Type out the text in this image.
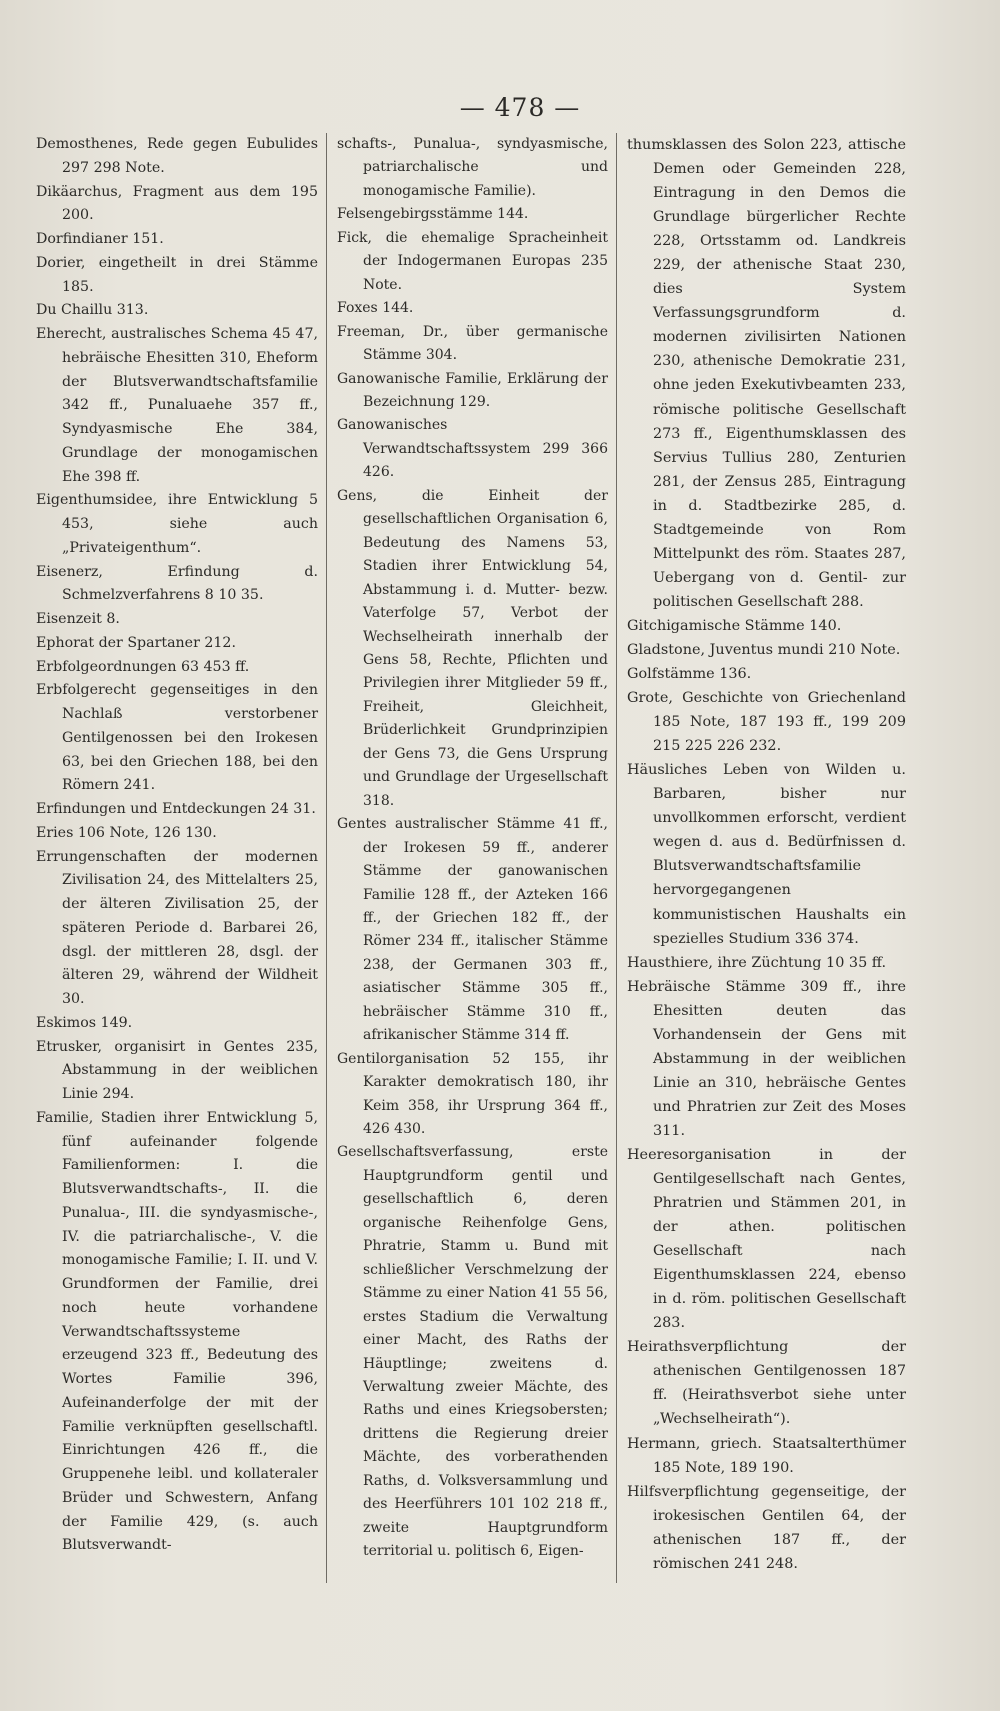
— 478 —

Demosthenes, Rede gegen Eubulides 297 298 Note.

Dikäarchus, Fragment aus dem 195 200.

Dorfindianer 151.

Dorier, eingetheilt in drei Stämme 185.

Du Chaillu 313.

Eherecht, australisches Schema 45 47, hebräische Ehesitten 310, Eheform der Blutsverwandtschaftsfamilie 342 ff., Punaluaehe 357 ff., Syndyasmische Ehe 384, Grundlage der monogamischen Ehe 398 ff.

Eigenthumsidee, ihre Entwicklung 5 453, siehe auch „Privateigenthum“.

Eisenerz, Erfindung d. Schmelzverfahrens 8 10 35.

Eisenzeit 8.

Ephorat der Spartaner 212.

Erbfolgeordnungen 63 453 ff.

Erbfolgerecht gegenseitiges in den Nachlaß verstorbener Gentilgenossen bei den Irokesen 63, bei den Griechen 188, bei den Römern 241.

Erfindungen und Entdeckungen 24 31.

Eries 106 Note, 126 130.

Errungenschaften der modernen Zivilisation 24, des Mittelalters 25, der älteren Zivilisation 25, der späteren Periode d. Barbarei 26, dsgl. der mittleren 28, dsgl. der älteren 29, während der Wildheit 30.

Eskimos 149.

Etrusker, organisirt in Gentes 235, Abstammung in der weiblichen Linie 294.

Familie, Stadien ihrer Entwicklung 5, fünf aufeinander folgende Familienformen: I. die Blutsverwandtschafts-, II. die Punalua-, III. die syndyasmische-, IV. die patriarchalische-, V. die monogamische Familie; I. II. und V. Grundformen der Familie, drei noch heute vorhandene Verwandtschaftssysteme erzeugend 323 ff., Bedeutung des Wortes Familie 396, Aufeinanderfolge der mit der Familie verknüpften gesellschaftl. Einrichtungen 426 ff., die Gruppenehe leibl. und kollateraler Brüder und Schwestern, Anfang der Familie 429, (s. auch Blutsverwandt-

schafts-, Punalua-, syndyasmische, patriarchalische und monogamische Familie).

Felsengebirgsstämme 144.

Fick, die ehemalige Spracheinheit der Indogermanen Europas 235 Note.

Foxes 144.

Freeman, Dr., über germanische Stämme 304.

Ganowanische Familie, Erklärung der Bezeichnung 129.

Ganowanisches Verwandtschaftssystem 299 366 426.

Gens, die Einheit der gesellschaftlichen Organisation 6, Bedeutung des Namens 53, Stadien ihrer Entwicklung 54, Abstammung i. d. Mutter- bezw. Vaterfolge 57, Verbot der Wechselheirath innerhalb der Gens 58, Rechte, Pflichten und Privilegien ihrer Mitglieder 59 ff., Freiheit, Gleichheit, Brüderlichkeit Grundprinzipien der Gens 73, die Gens Ursprung und Grundlage der Urgesellschaft 318.

Gentes australischer Stämme 41 ff., der Irokesen 59 ff., anderer Stämme der ganowanischen Familie 128 ff., der Azteken 166 ff., der Griechen 182 ff., der Römer 234 ff., italischer Stämme 238, der Germanen 303 ff., asiatischer Stämme 305 ff., hebräischer Stämme 310 ff., afrikanischer Stämme 314 ff.

Gentilorganisation 52 155, ihr Karakter demokratisch 180, ihr Keim 358, ihr Ursprung 364 ff., 426 430.

Gesellschaftsverfassung, erste Hauptgrundform gentil und gesellschaftlich 6, deren organische Reihenfolge Gens, Phratrie, Stamm u. Bund mit schließlicher Verschmelzung der Stämme zu einer Nation 41 55 56, erstes Stadium die Verwaltung einer Macht, des Raths der Häuptlinge; zweitens d. Verwaltung zweier Mächte, des Raths und eines Kriegsobersten; drittens die Regierung dreier Mächte, des vorberathenden Raths, d. Volksversammlung und des Heerführers 101 102 218 ff., zweite Hauptgrundform territorial u. politisch 6, Eigen-

thumsklassen des Solon 223, attische Demen oder Gemeinden 228, Eintragung in den Demos die Grundlage bürgerlicher Rechte 228, Ortsstamm od. Landkreis 229, der athenische Staat 230, dies System Verfassungsgrundform d. modernen zivilisirten Nationen 230, athenische Demokratie 231, ohne jeden Exekutivbeamten 233, römische politische Gesellschaft 273 ff., Eigenthumsklassen des Servius Tullius 280, Zenturien 281, der Zensus 285, Eintragung in d. Stadtbezirke 285, d. Stadtgemeinde von Rom Mittelpunkt des röm. Staates 287, Uebergang von d. Gentil- zur politischen Gesellschaft 288.

Gitchigamische Stämme 140.

Gladstone, Juventus mundi 210 Note.

Golfstämme 136.

Grote, Geschichte von Griechenland 185 Note, 187 193 ff., 199 209 215 225 226 232.

Häusliches Leben von Wilden u. Barbaren, bisher nur unvollkommen erforscht, verdient wegen d. aus d. Bedürfnissen d. Blutsverwandtschaftsfamilie hervorgegangenen kommunistischen Haushalts ein spezielles Studium 336 374.

Hausthiere, ihre Züchtung 10 35 ff.

Hebräische Stämme 309 ff., ihre Ehesitten deuten das Vorhandensein der Gens mit Abstammung in der weiblichen Linie an 310, hebräische Gentes und Phratrien zur Zeit des Moses 311.

Heeresorganisation in der Gentilgesellschaft nach Gentes, Phratrien und Stämmen 201, in der athen. politischen Gesellschaft nach Eigenthumsklassen 224, ebenso in d. röm. politischen Gesellschaft 283.

Heirathsverpflichtung der athenischen Gentilgenossen 187 ff. (Heirathsverbot siehe unter „Wechselheirath“).

Hermann, griech. Staatsalterthümer 185 Note, 189 190.

Hilfsverpflichtung gegenseitige, der irokesischen Gentilen 64, der athenischen 187 ff., der römischen 241 248.
